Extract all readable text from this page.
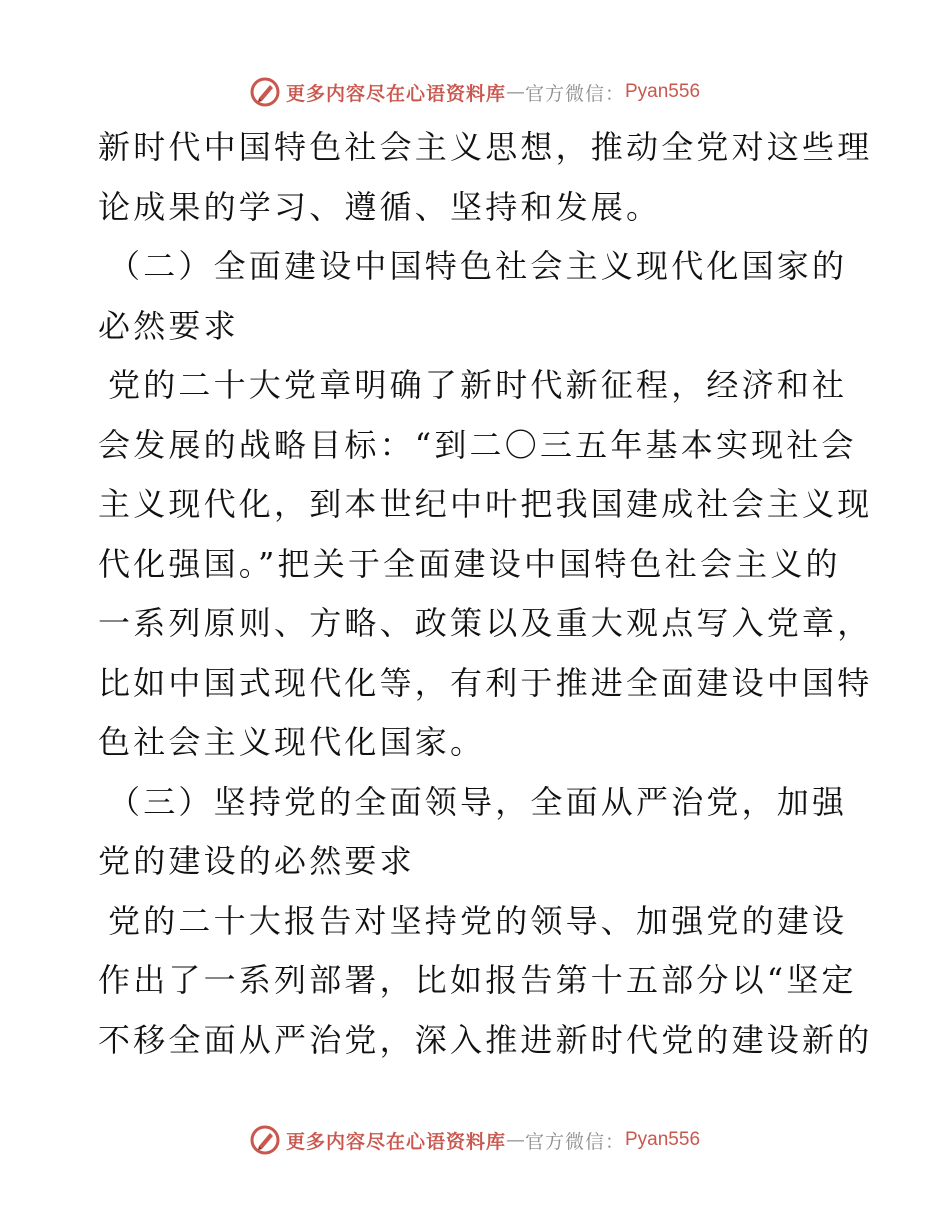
更多内容尽在心语资料库 — 官方微信： Pyan556
新时代中国特色社会主义思想，推动全党对这些理
论成果的学习、遵循、坚持和发展。
（二）全面建设中国特色社会主义现代化国家的
必然要求
党的二十大党章明确了新时代新征程，经济和社
会发展的战略目标：“到二〇三五年基本实现社会
主义现代化，到本世纪中叶把我国建成社会主义现
代化强国。”把关于全面建设中国特色社会主义的
一系列原则、方略、政策以及重大观点写入党章，
比如中国式现代化等，有利于推进全面建设中国特
色社会主义现代化国家。
（三）坚持党的全面领导，全面从严治党，加强
党的建设的必然要求
党的二十大报告对坚持党的领导、加强党的建设
作出了一系列部署，比如报告第十五部分以“坚定
不移全面从严治党，深入推进新时代党的建设新的
更多内容尽在心语资料库 — 官方微信： Pyan556
